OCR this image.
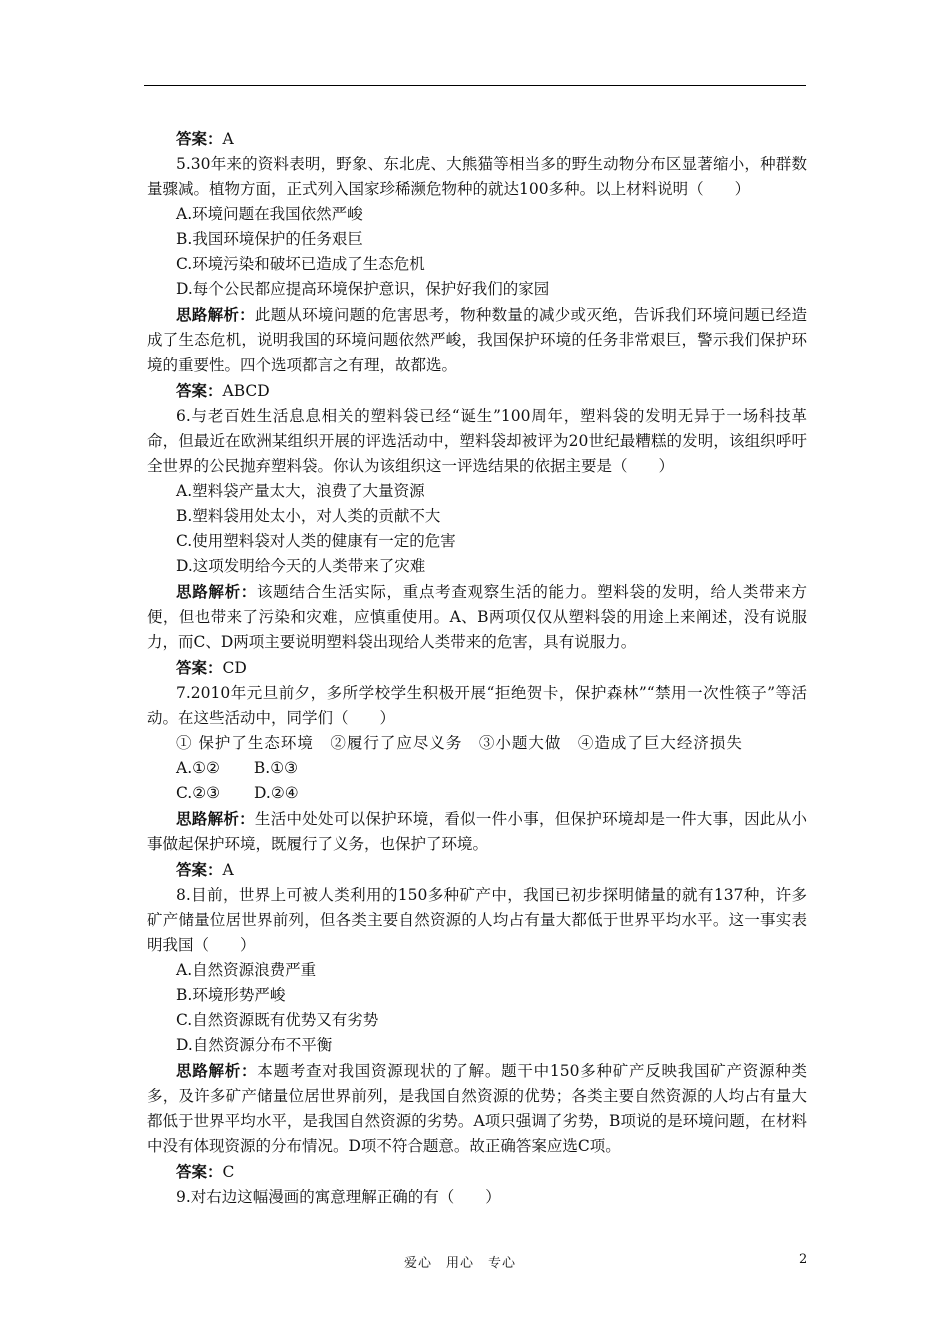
答案：A

5.30年来的资料表明，野象、东北虎、大熊猫等相当多的野生动物分布区显著缩小，种群数量骤减。植物方面，正式列入国家珍稀濒危物种的就达100多种。以上材料说明（　　）

A.环境问题在我国依然严峻

B.我国环境保护的任务艰巨

C.环境污染和破坏已造成了生态危机

D.每个公民都应提高环境保护意识，保护好我们的家园

思路解析：此题从环境问题的危害思考，物种数量的减少或灭绝，告诉我们环境问题已经造成了生态危机，说明我国的环境问题依然严峻，我国保护环境的任务非常艰巨，警示我们保护环境的重要性。四个选项都言之有理，故都选。

答案：ABCD

6.与老百姓生活息息相关的塑料袋已经“诞生”100周年，塑料袋的发明无异于一场科技革命，但最近在欧洲某组织开展的评选活动中，塑料袋却被评为20世纪最糟糕的发明，该组织呼吁全世界的公民抛弃塑料袋。你认为该组织这一评选结果的依据主要是（　　）

A.塑料袋产量太大，浪费了大量资源

B.塑料袋用处太小，对人类的贡献不大

C.使用塑料袋对人类的健康有一定的危害

D.这项发明给今天的人类带来了灾难

思路解析：该题结合生活实际，重点考查观察生活的能力。塑料袋的发明，给人类带来方便，但也带来了污染和灾难，应慎重使用。A、B两项仅仅从塑料袋的用途上来阐述，没有说服力，而C、D两项主要说明塑料袋出现给人类带来的危害，具有说服力。

答案：CD

7.2010年元旦前夕，多所学校学生积极开展“拒绝贺卡，保护森林”“禁用一次性筷子”等活动。在这些活动中，同学们（　　）

① 保护了生态环境　②履行了应尽义务　③小题大做　④造成了巨大经济损失

A.①② B.①③

C.②③ D.②④

思路解析：生活中处处可以保护环境，看似一件小事，但保护环境却是一件大事，因此从小事做起保护环境，既履行了义务，也保护了环境。

答案：A

8.目前，世界上可被人类利用的150多种矿产中，我国已初步探明储量的就有137种，许多矿产储量位居世界前列，但各类主要自然资源的人均占有量大都低于世界平均水平。这一事实表明我国（　　）

A.自然资源浪费严重

B.环境形势严峻

C.自然资源既有优势又有劣势

D.自然资源分布不平衡

思路解析：本题考查对我国资源现状的了解。题干中150多种矿产反映我国矿产资源种类多，及许多矿产储量位居世界前列，是我国自然资源的优势；各类主要自然资源的人均占有量大都低于世界平均水平，是我国自然资源的劣势。A项只强调了劣势，B项说的是环境问题，在材料中没有体现资源的分布情况。D项不符合题意。故正确答案应选C项。

答案：C

9.对右边这幅漫画的寓意理解正确的有（　　）

爱心　用心　专心	2
